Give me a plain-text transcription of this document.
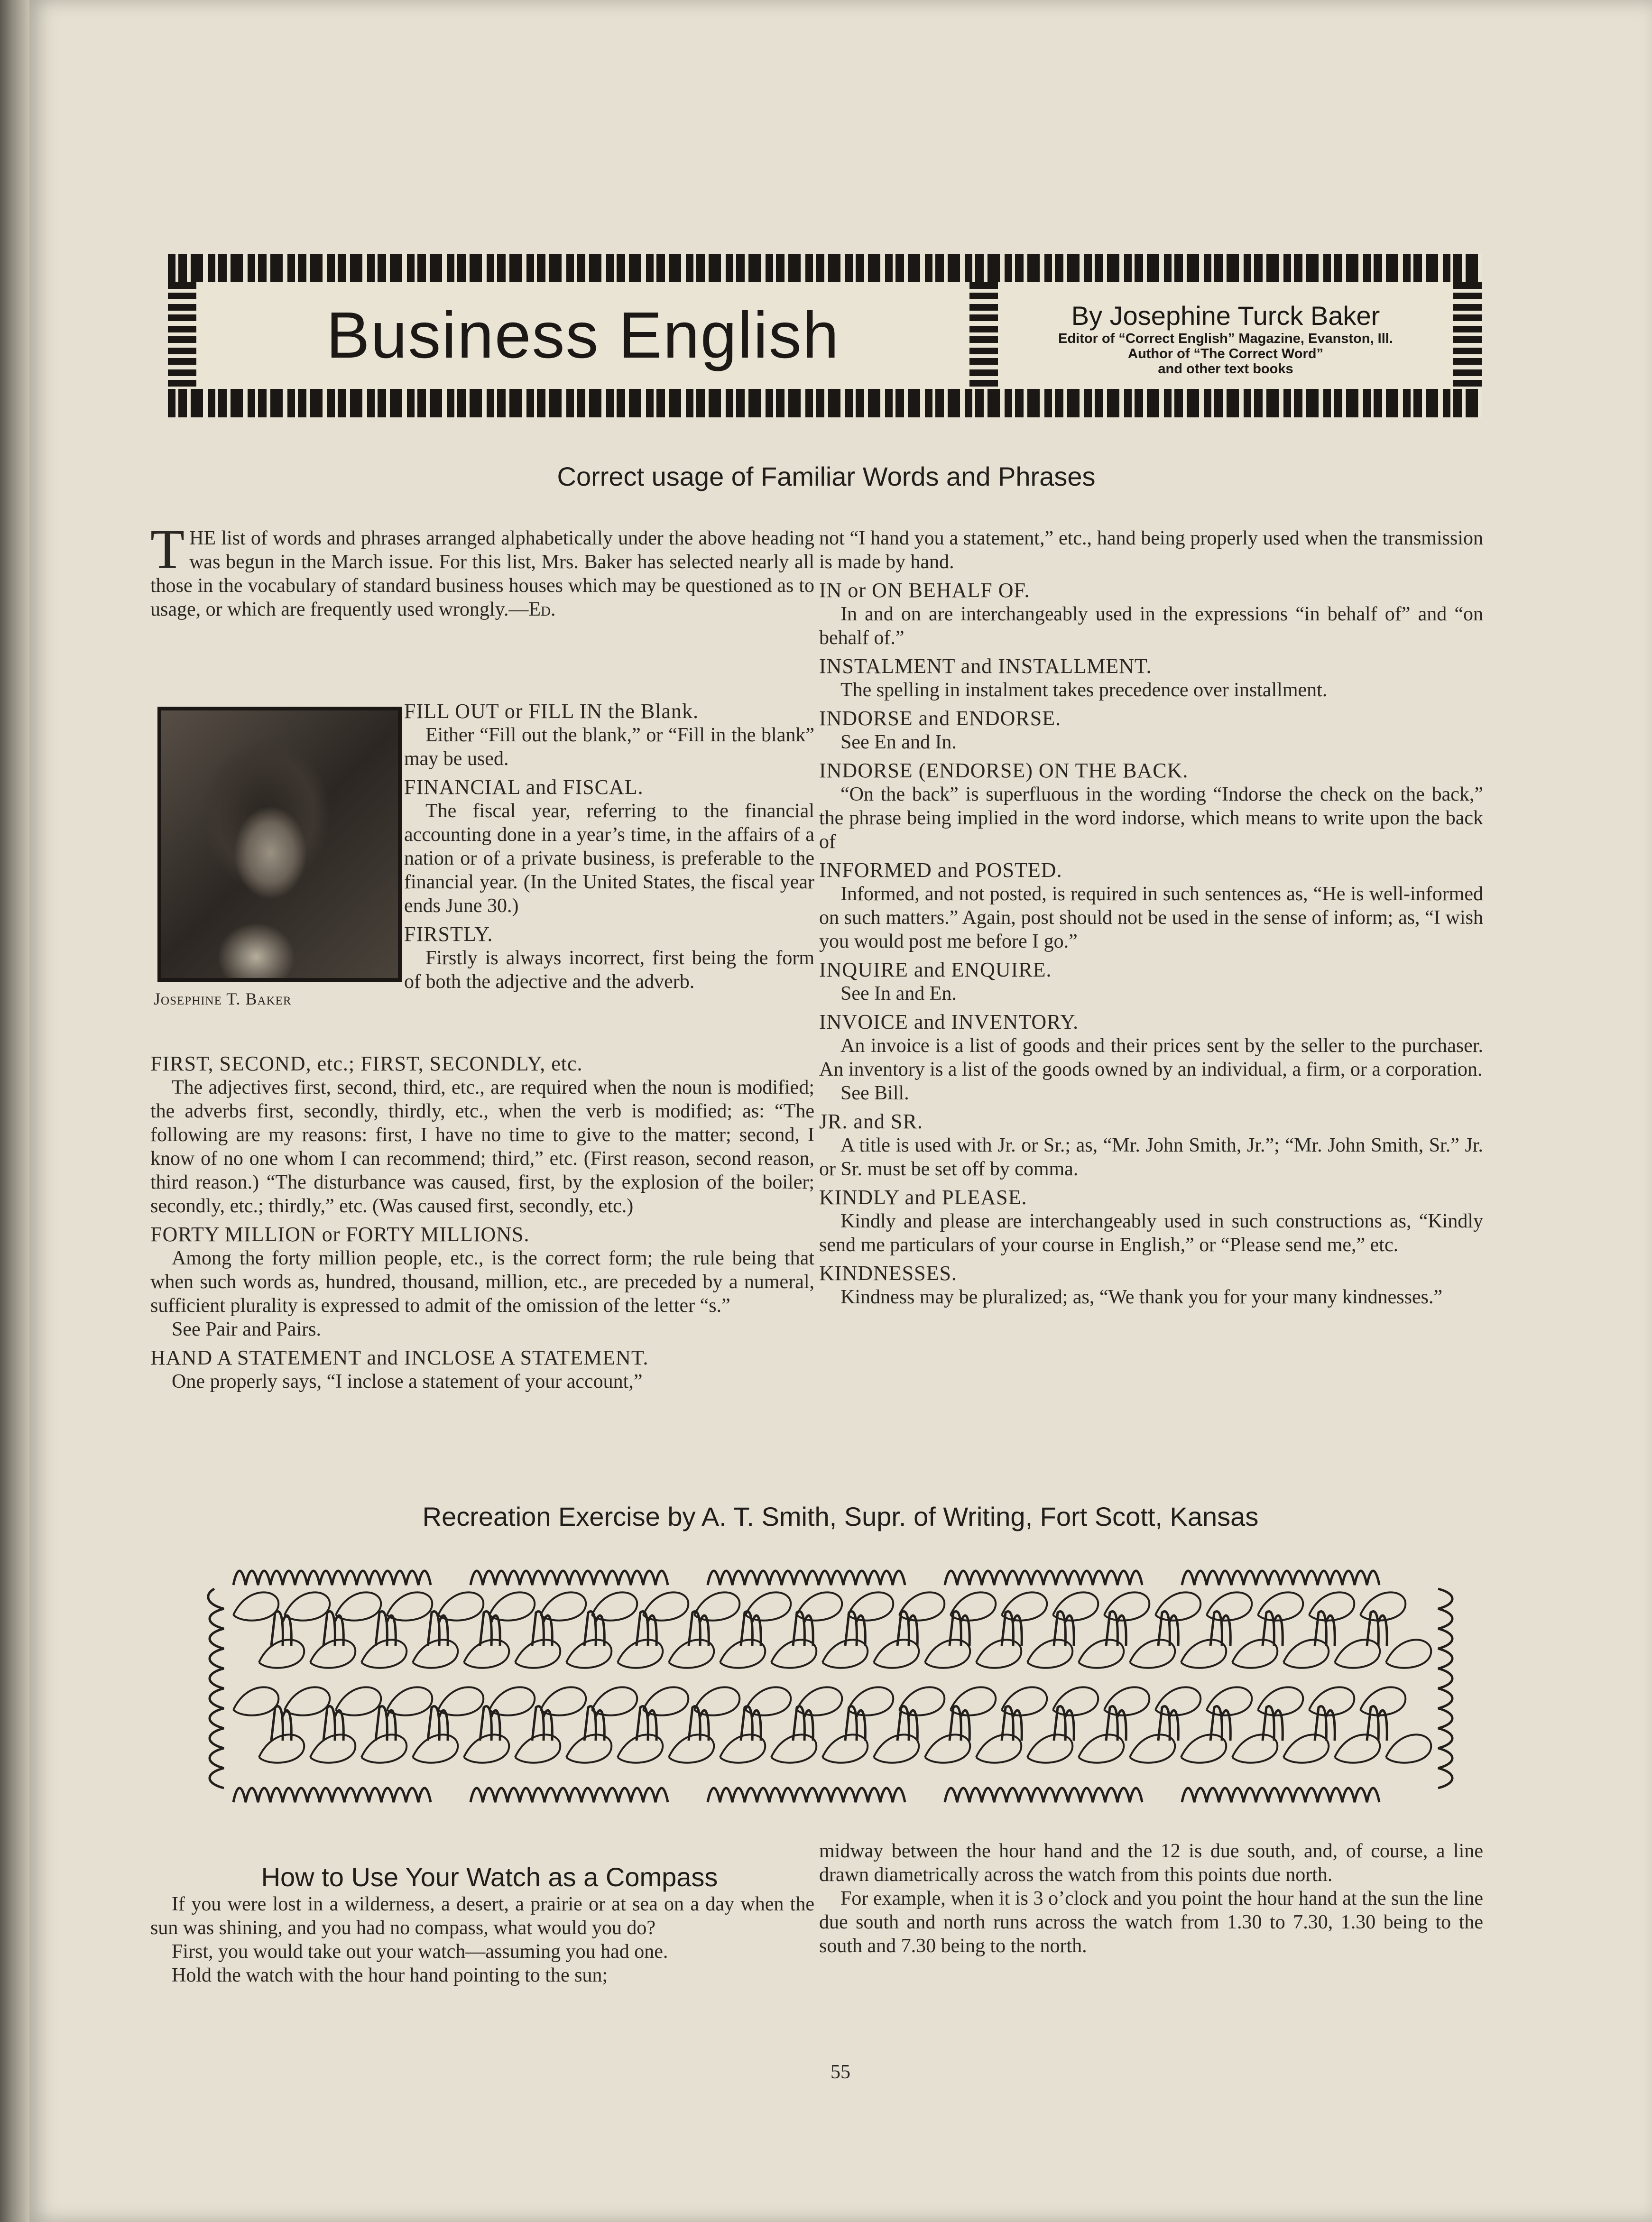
Business English	By Josephine Turck Baker
Editor of “Correct English” Magazine, Evanston, Ill.
Author of “The Correct Word”
and other text books
Correct usage of Familiar Words and Phrases

THE list of words and phrases arranged alphabetically under the above heading was begun in the March issue. For this list, Mrs. Baker has selected nearly all those in the vocabulary of standard business houses which may be questioned as to usage, or which are frequently used wrongly.—Ed.

Josephine T. Baker

FILL OUT or FILL IN the Blank.

Either “Fill out the blank,” or “Fill in the blank” may be used.

FINANCIAL and FISCAL.

The fiscal year, referring to the financial accounting done in a year’s time, in the affairs of a nation or of a private business, is preferable to the financial year. (In the United States, the fiscal year ends June 30.)

FIRSTLY.

Firstly is always incorrect, first being the form of both the adjective and the adverb.

FIRST, SECOND, etc.; FIRST, SECONDLY, etc.

The adjectives first, second, third, etc., are required when the noun is modified; the adverbs first, secondly, thirdly, etc., when the verb is modified; as: “The following are my reasons: first, I have no time to give to the matter; second, I know of no one whom I can recommend; third,” etc. (First reason, second reason, third reason.) “The disturbance was caused, first, by the explosion of the boiler; secondly, etc.; thirdly,” etc. (Was caused first, secondly, etc.)

FORTY MILLION or FORTY MILLIONS.

Among the forty million people, etc., is the correct form; the rule being that when such words as, hundred, thousand, million, etc., are preceded by a numeral, sufficient plurality is expressed to admit of the omission of the letter “s.”

See Pair and Pairs.

HAND A STATEMENT and INCLOSE A STATEMENT.

One properly says, “I inclose a statement of your account,”

not “I hand you a statement,” etc., hand being properly used when the transmission is made by hand.

IN or ON BEHALF OF.

In and on are interchangeably used in the expressions “in behalf of” and “on behalf of.”

INSTALMENT and INSTALLMENT.

The spelling in instalment takes precedence over installment.

INDORSE and ENDORSE.

See En and In.

INDORSE (ENDORSE) ON THE BACK.

“On the back” is superfluous in the wording “Indorse the check on the back,” the phrase being implied in the word indorse, which means to write upon the back of

INFORMED and POSTED.

Informed, and not posted, is required in such sentences as, “He is well-informed on such matters.” Again, post should not be used in the sense of inform; as, “I wish you would post me before I go.”

INQUIRE and ENQUIRE.

See In and En.

INVOICE and INVENTORY.

An invoice is a list of goods and their prices sent by the seller to the purchaser. An inventory is a list of the goods owned by an individual, a firm, or a corporation.

See Bill.

JR. and SR.

A title is used with Jr. or Sr.; as, “Mr. John Smith, Jr.”; “Mr. John Smith, Sr.” Jr. or Sr. must be set off by comma.

KINDLY and PLEASE.

Kindly and please are interchangeably used in such constructions as, “Kindly send me particulars of your course in English,” or “Please send me,” etc.

KINDNESSES.

Kindness may be pluralized; as, “We thank you for your many kindnesses.”

Recreation Exercise by A. T. Smith, Supr. of Writing, Fort Scott, Kansas
How to Use Your Watch as a Compass

If you were lost in a wilderness, a desert, a prairie or at sea on a day when the sun was shining, and you had no compass, what would you do?

First, you would take out your watch—assuming you had one.

Hold the watch with the hour hand pointing to the sun;

midway between the hour hand and the 12 is due south, and, of course, a line drawn diametrically across the watch from this points due north.

For example, when it is 3 o’clock and you point the hour hand at the sun the line due south and north runs across the watch from 1.30 to 7.30, 1.30 being to the south and 7.30 being to the north.

55
